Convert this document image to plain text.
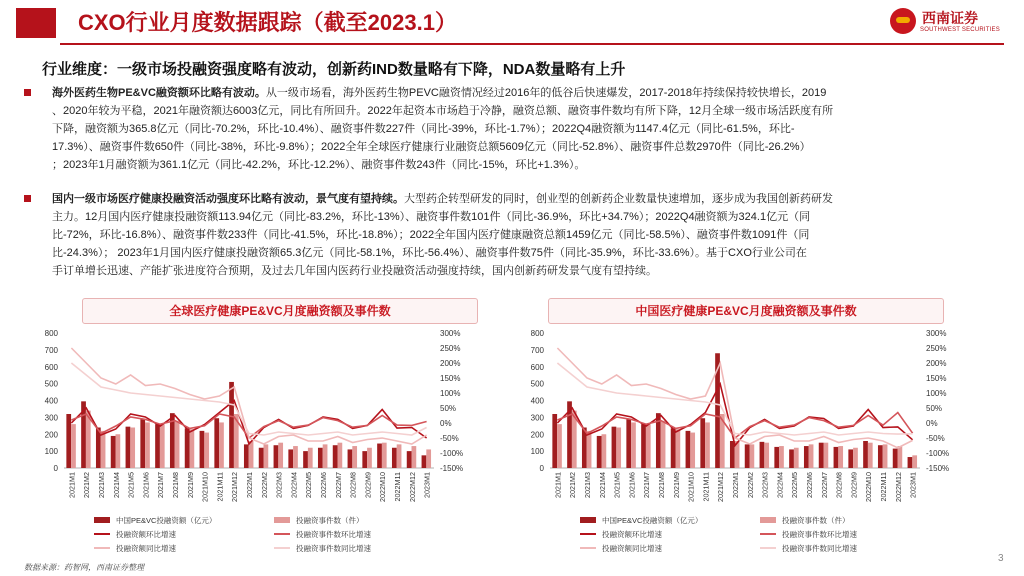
CXO行业月度数据跟踪（截至2023.1）	西南证券
SOUTHWEST SECURITIES
行业维度：一级市场投融资强度略有波动，创新药IND数量略有下降，NDA数量略有上升
海外医药生物PE&VC融资额环比略有波动。从一级市场看，海外医药生物PEVC融资情况经过2016年的低谷后快速爆发，2017-2018年持续保持较快增长，2019
、2020年较为平稳，2021年融资额达6003亿元，同比有所回升。2022年起资本市场趋于冷静，融资总额、融资事件数均有所下降，12月全球一级市场活跃度有所
下降，融资额为365.8亿元（同比-70.2%，环比-10.4%）、融资事件数227件（同比-39%，环比-1.7%）；2022Q4融资额为1147.4亿元（同比-61.5%，环比-
17.3%）、融资事件数650件（同比-38%，环比-9.8%）；2022全年全球医疗健康行业融资总额5609亿元（同比-52.8%）、融资事件总数2970件（同比-26.2%）
；2023年1月融资额为361.1亿元（同比-42.2%，环比-12.2%）、融资事件数243件（同比-15%，环比+1.3%）。
国内一级市场医疗健康投融资活动强度环比略有波动，景气度有望持续。大型药企转型研发的同时，创业型的创新药企业数量快速增加，逐步成为我国创新药研发
主力。12月国内医疗健康投融资额113.94亿元（同比-83.2%，环比-13%）、融资事件数101件（同比-36.9%，环比+34.7%）；2022Q4融资额为324.1亿元（同
比-72%，环比-16.8%）、融资事件数233件（同比-41.5%，环比-18.8%）；2022全年国内医疗健康融资总额1459亿元（同比-58.5%）、融资事件数1091件（同
比-24.3%）； 2023年1月国内医疗健康投融资额65.3亿元（同比-58.1%，环比-56.4%）、融资事件数75件（同比-35.9%，环比-33.6%）。基于CXO行业公司在
手订单增长迅速、产能扩张进度符合预期，及过去几年国内医药行业投融资活动强度持续，国内创新药研发景气度有望持续。
全球医疗健康PE&VC月度融资额及事件数	中国医疗健康PE&VC月度融资额及事件数
0
100
200
300
400
500
600
700
800
-150%
-100%
-50%
0%
50%
100%
150%
200%
250%
300%
2021M1 2021M2 2021M3 2021M4 2021M5 2021M6 2021M7 2021M8 2021M9 2021M10 2021M11 2021M12 2022M1 2022M2 2022M3 2022M4 2022M5 2022M6 2022M7 2022M8 2022M9 2022M10 2022M11 2022M12 2023M1
中国PE&VC投融资额（亿元）	投融资事件数（件）
投融资额环比增速	投融资事件数环比增速
投融资额同比增速	投融资事件数同比增速
0
100
200
300
400
500
600
700
800
-150%
-100%
-50%
0%
50%
100%
150%
200%
250%
300%
2021M1 2021M2 2021M3 2021M4 2021M5 2021M6 2021M7 2021M8 2021M9 2021M10 2021M11 2021M12 2022M1 2022M2 2022M3 2022M4 2022M5 2022M6 2022M7 2022M8 2022M9 2022M10 2022M11 2022M12 2023M1
中国PE&VC投融资额（亿元）	投融资事件数（件）
投融资额环比增速	投融资事件数环比增速
投融资额同比增速	投融资事件数同比增速
数据来源：药智网，西南证券整理
3
